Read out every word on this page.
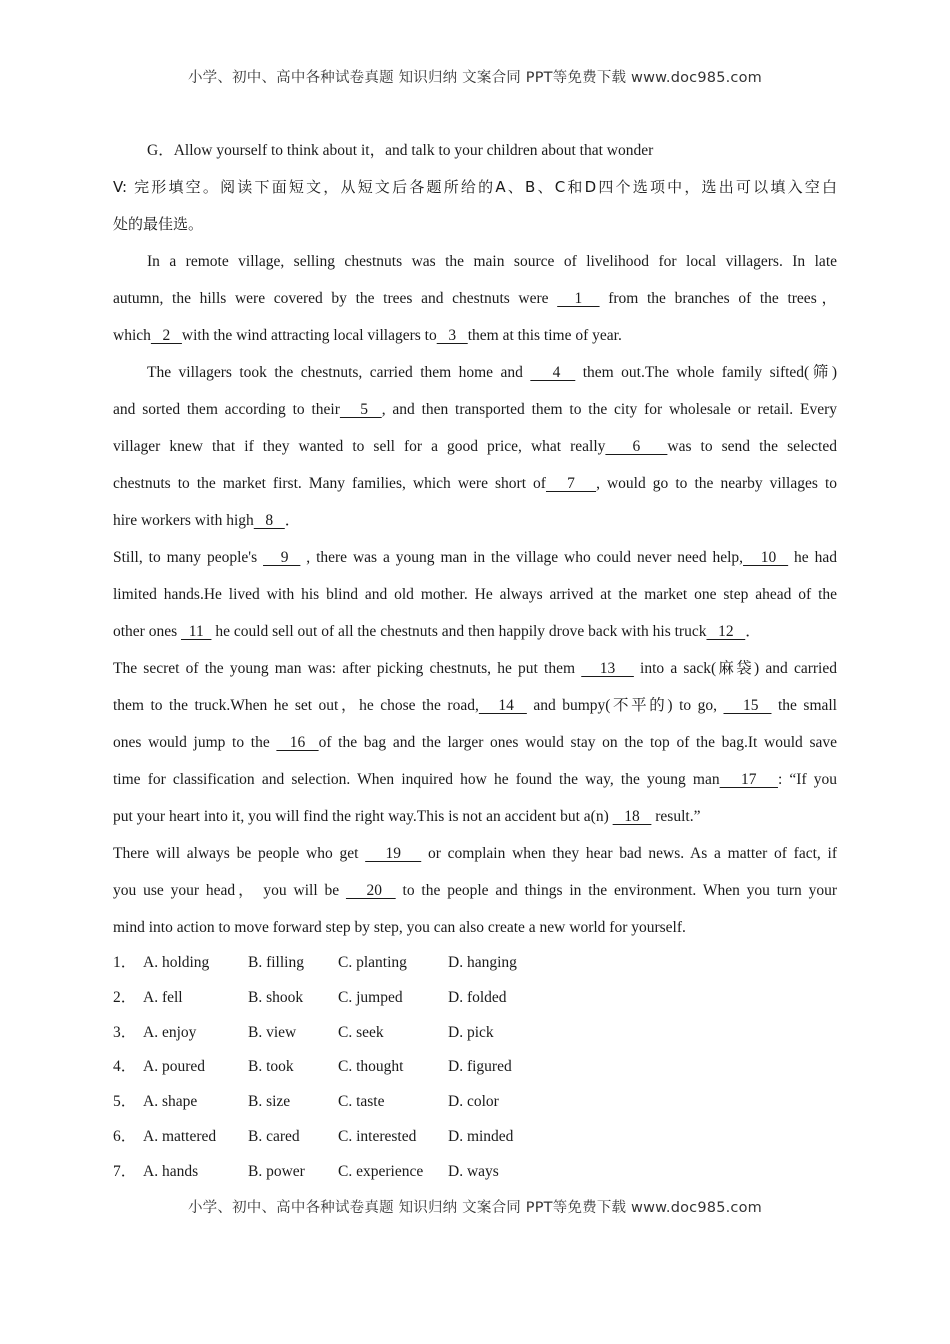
小学、初中、高中各种试卷真题 知识归纳 文案合同 PPT等免费下载 www.doc985.com
G．Allow yourself to think about it，and talk to your children about that wonder
V: 完形填空。阅读下面短文，从短文后各题所给的A、B、C和D四个选项中，选出可以填入空白
处的最佳选。
In a remote village, selling chestnuts was the main source of livelihood for local villagers. In late
autumn, the hills were covered by the trees and chestnuts were   1   from the branches of the trees，
which   2   with the wind attracting local villagers to   3   them at this time of year.
The villagers took the chestnuts, carried them home and    4   them out.The whole family sifted(筛)
and sorted them according to their   5  , and then transported them to the city for wholesale or retail. Every
villager knew that if they wanted to sell for a good price, what really   6   was to send the selected
chestnuts to the market first. Many families, which were short of   7   , would go to the nearby villages to
hire workers with high   8   ．
Still, to many people's    9   , there was a young man in the village who could never need help,   10   he had
limited hands.He lived with his blind and old mother. He always arrived at the market one step ahead of the
other ones   11   he could sell out of all the chestnuts and then happily drove back with his truck   12   ．
The secret of the young man was: after picking chestnuts, he put them    13    into a sack(麻袋) and carried
them to the truck.When he set out，he chose the road,   14   and bumpy(不平的) to go,    15   the small
ones would jump to the   16  of the bag and the larger ones would stay on the top of the bag.It would save
time for classification and selection. When inquired how he found the way, the young man   17   : “If you
put your heart into it, you will find the right way.This is not an accident but a(n)    18    result.”
There will always be people who get    19    or complain when they hear bad news. As a matter of fact, if
you use your head， you will be    20   to the people and things in the environment. When you turn your
mind into action to move forward step by step, you can also create a new world for yourself.
1． A. holding B. filling C. planting	D. hanging
2． A. fell	B. shook C. jumped	D. folded
3． A. enjoy	B. view	C. seek	D. pick
4． A. poured	B. took	C. thought	D. figured
5． A. shape	B. size	C. taste	D. color
6． A. mattered B. cared C. interested D. minded
7． A. hands	B. power C. experience D. ways
小学、初中、高中各种试卷真题 知识归纳 文案合同 PPT等免费下载 www.doc985.com
